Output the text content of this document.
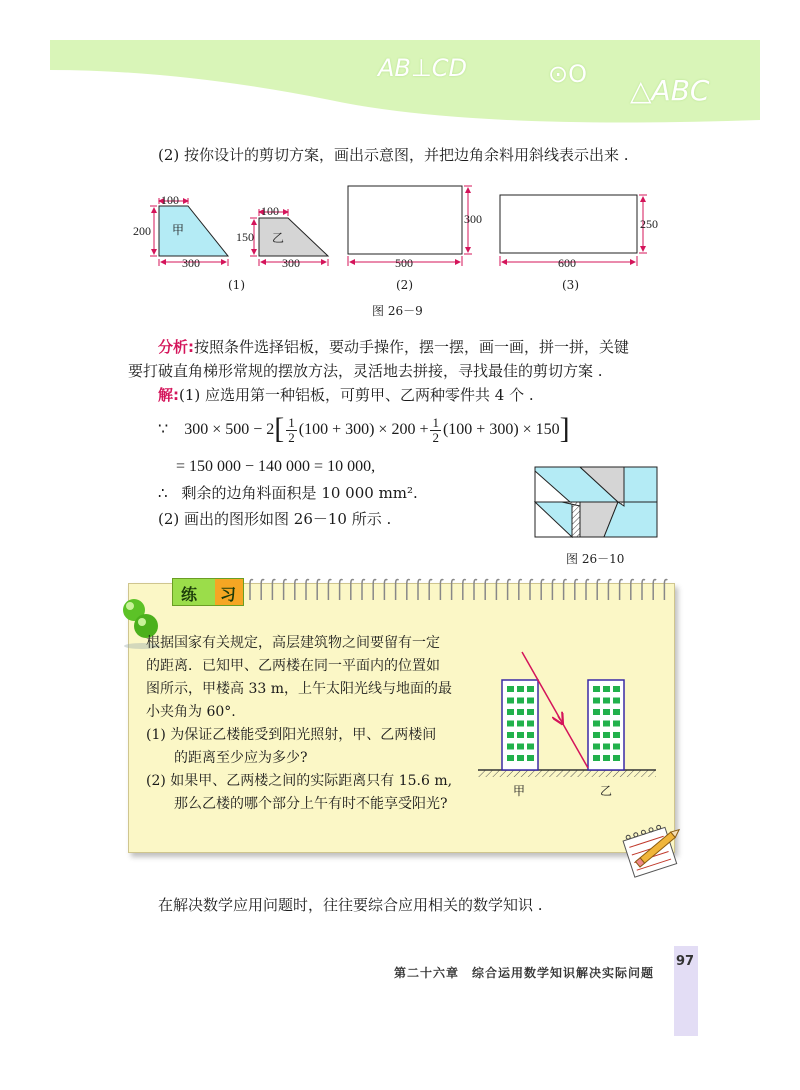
AB⊥CD	⊙O △ABC
(2) 按你设计的剪切方案，画出示意图，并把边角余料用斜线表示出来 .
100
200
300
甲
100
150
300
乙
300
500
250
600
(1)	(2)	(3)
图 26－9
分析:按照条件选择铝板，要动手操作，摆一摆，画一画，拼一拼，关键
要打破直角梯形常规的摆放方法，灵活地去拼接，寻找最佳的剪切方案 .
解:(1) 应选用第一种铝板，可剪甲、乙两种零件共 4 个 .
∵ $300 \times 500 - 2[ \frac{1}{2} (100 + 300) \times 200 + \frac{1}{2} (100 + 300) \times 150]$
= 150 000 − 140 000 = 10 000,
∴ 剩余的边角料面积是 10 000 mm².
(2) 画出的图形如图 26－10 所示 .
图 26－10
练 习
根据国家有关规定，高层建筑物之间要留有一定
的距离．已知甲、乙两楼在同一平面内的位置如
图所示，甲楼高 33 m，上午太阳光线与地面的最
小夹角为 60°.
(1) 为保证乙楼能受到阳光照射，甲、乙两楼间
的距离至少应为多少?
(2) 如果甲、乙两楼之间的实际距离只有 15.6 m,
那么乙楼的哪个部分上午有时不能享受阳光?
甲	乙
在解决数学应用问题时，往往要综合应用相关的数学知识 .
97
第二十六章　综合运用数学知识解决实际问题
